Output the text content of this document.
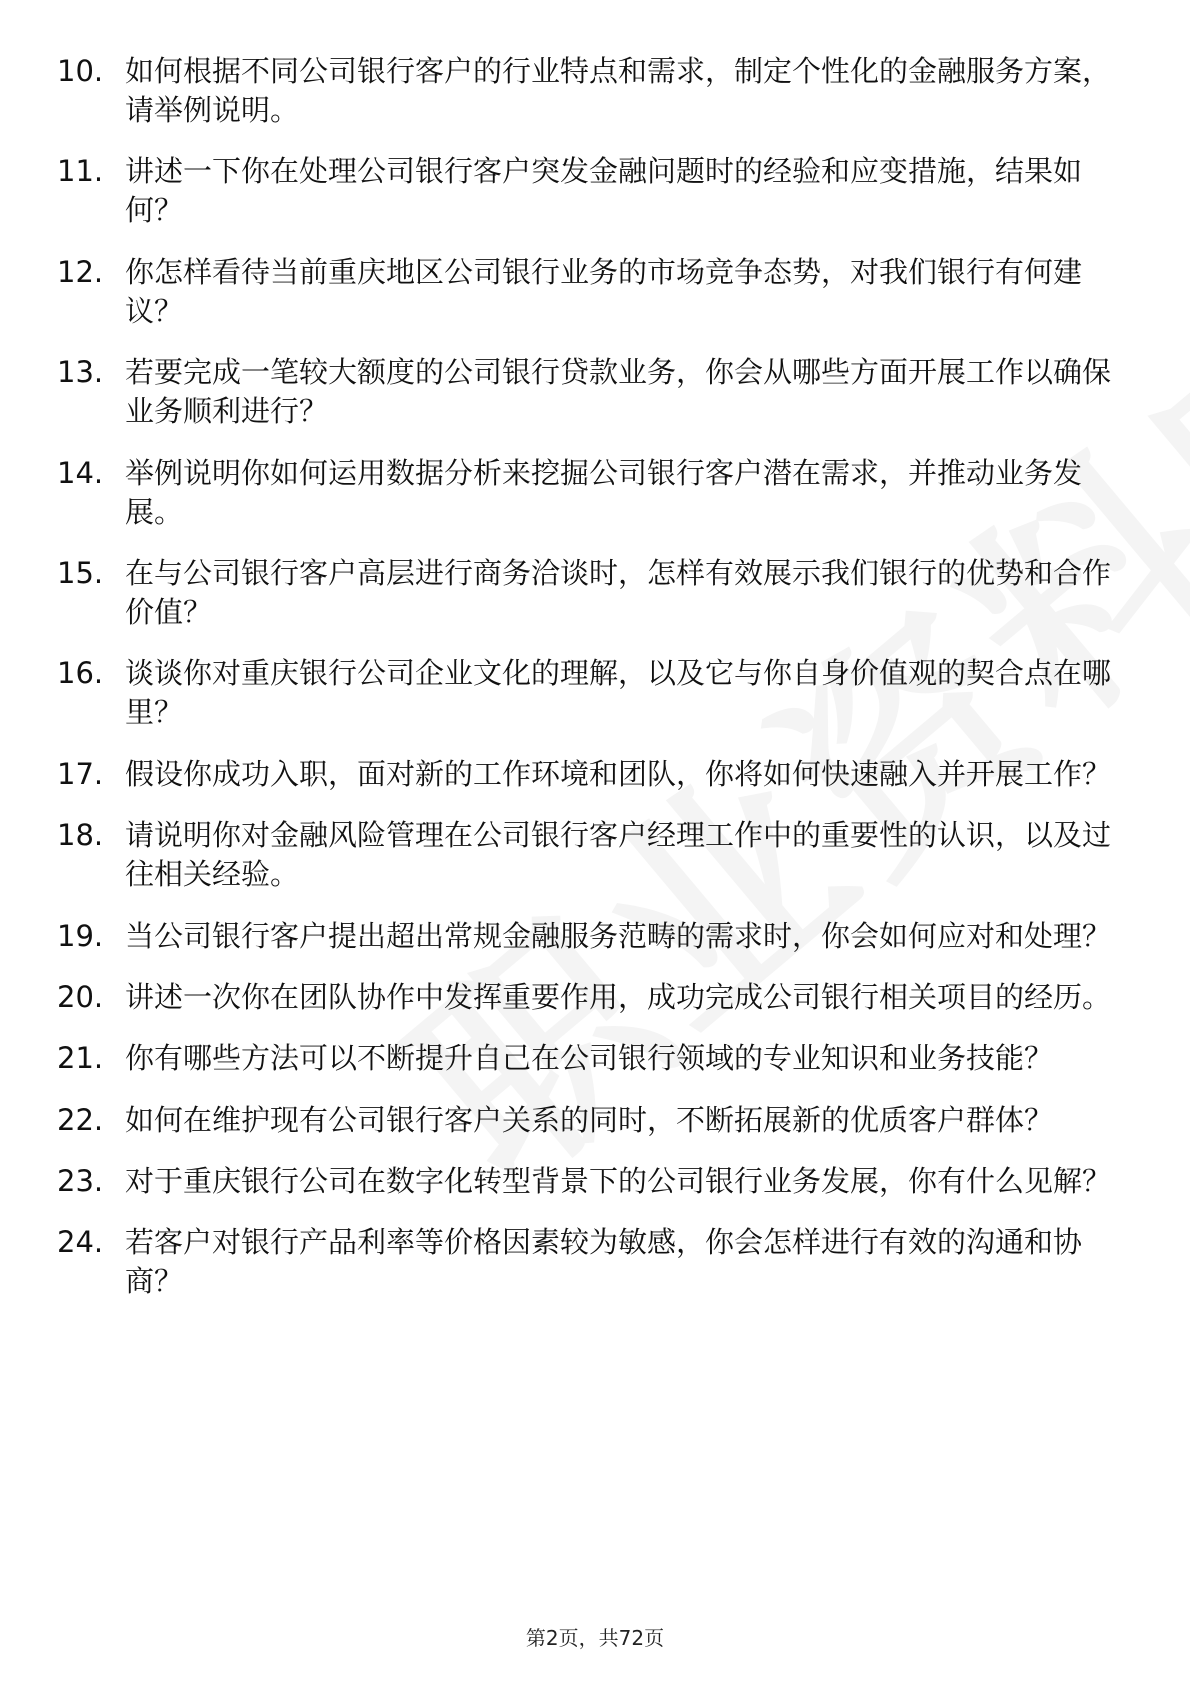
10. 如何根据不同公司银行客户的行业特点和需求，制定个性化的金融服务方案，请举例说明。
11. 讲述一下你在处理公司银行客户突发金融问题时的经验和应变措施，结果如何？
12. 你怎样看待当前重庆地区公司银行业务的市场竞争态势，对我们银行有何建议？
13. 若要完成一笔较大额度的公司银行贷款业务，你会从哪些方面开展工作以确保业务顺利进行？
14. 举例说明你如何运用数据分析来挖掘公司银行客户潜在需求，并推动业务发展。
15. 在与公司银行客户高层进行商务洽谈时，怎样有效展示我们银行的优势和合作价值？
16. 谈谈你对重庆银行公司企业文化的理解，以及它与你自身价值观的契合点在哪里？
17. 假设你成功入职，面对新的工作环境和团队，你将如何快速融入并开展工作？
18. 请说明你对金融风险管理在公司银行客户经理工作中的重要性的认识，以及过往相关经验。
19. 当公司银行客户提出超出常规金融服务范畴的需求时，你会如何应对和处理？
20. 讲述一次你在团队协作中发挥重要作用，成功完成公司银行相关项目的经历。
21. 你有哪些方法可以不断提升自己在公司银行领域的专业知识和业务技能？
22. 如何在维护现有公司银行客户关系的同时，不断拓展新的优质客户群体？
23. 对于重庆银行公司在数字化转型背景下的公司银行业务发展，你有什么见解？
24. 若客户对银行产品利率等价格因素较为敏感，你会怎样进行有效的沟通和协商？
第2页，共72页
